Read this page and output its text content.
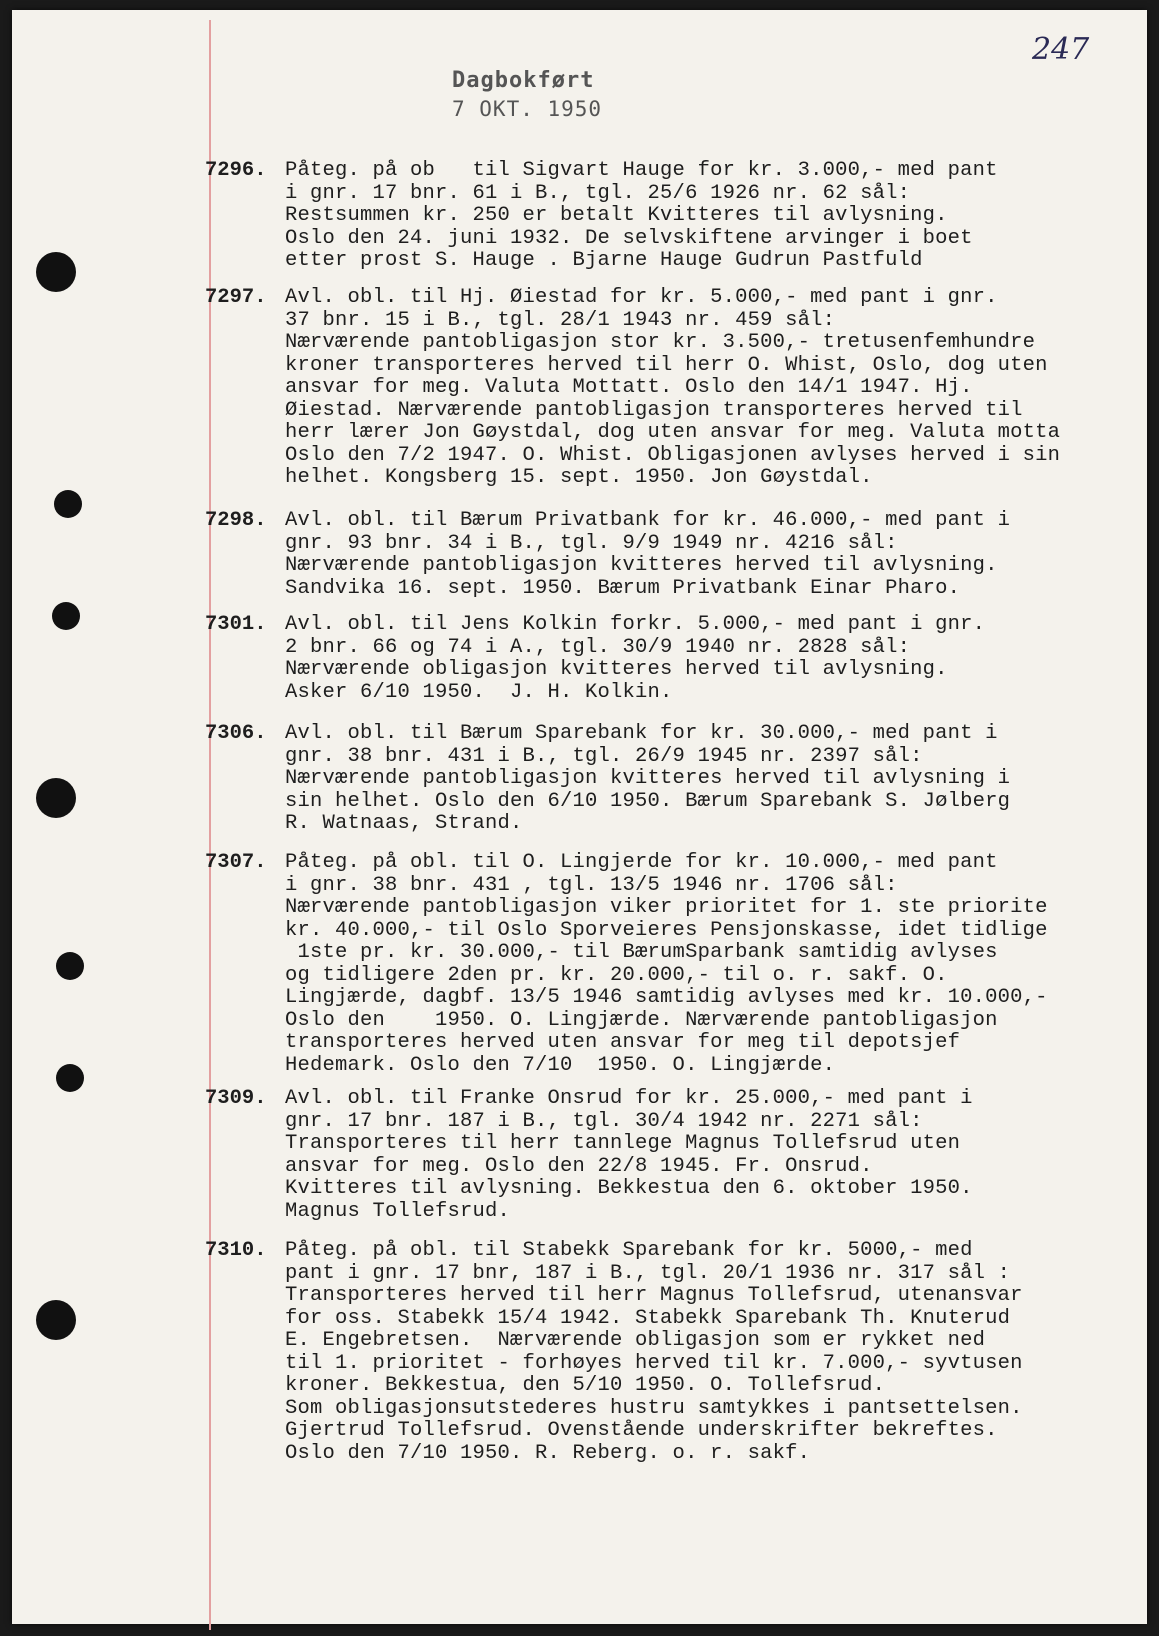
247
Dagbokført
7 OKT. 1950
7296. Påteg. på ob   til Sigvart Hauge for kr. 3.000,- med pant
i gnr. 17 bnr. 61 i B., tgl. 25/6 1926 nr. 62 sål:
Restsummen kr. 250 er betalt Kvitteres til avlysning.
Oslo den 24. juni 1932. De selvskiftene arvinger i boet
etter prost S. Hauge . Bjarne Hauge Gudrun Pastfuld
7297. Avl. obl. til Hj. Øiestad for kr. 5.000,- med pant i gnr.
37 bnr. 15 i B., tgl. 28/1 1943 nr. 459 sål:
Nærværende pantobligasjon stor kr. 3.500,- tretusenfemhundre
kroner transporteres herved til herr O. Whist, Oslo, dog uten
ansvar for meg. Valuta Mottatt. Oslo den 14/1 1947. Hj.
Øiestad. Nærværende pantobligasjon transporteres herved til
herr lærer Jon Gøystdal, dog uten ansvar for meg. Valuta motta
Oslo den 7/2 1947. O. Whist. Obligasjonen avlyses herved i sin
helhet. Kongsberg 15. sept. 1950. Jon Gøystdal.
7298. Avl. obl. til Bærum Privatbank for kr. 46.000,- med pant i
gnr. 93 bnr. 34 i B., tgl. 9/9 1949 nr. 4216 sål:
Nærværende pantobligasjon kvitteres herved til avlysning.
Sandvika 16. sept. 1950. Bærum Privatbank Einar Pharo.
7301. Avl. obl. til Jens Kolkin forkr. 5.000,- med pant i gnr.
2 bnr. 66 og 74 i A., tgl. 30/9 1940 nr. 2828 sål:
Nærværende obligasjon kvitteres herved til avlysning.
Asker 6/10 1950.  J. H. Kolkin.
7306. Avl. obl. til Bærum Sparebank for kr. 30.000,- med pant i
gnr. 38 bnr. 431 i B., tgl. 26/9 1945 nr. 2397 sål:
Nærværende pantobligasjon kvitteres herved til avlysning i
sin helhet. Oslo den 6/10 1950. Bærum Sparebank S. Jølberg
R. Watnaas, Strand.
7307. Påteg. på obl. til O. Lingjerde for kr. 10.000,- med pant
i gnr. 38 bnr. 431 , tgl. 13/5 1946 nr. 1706 sål:
Nærværende pantobligasjon viker prioritet for 1. ste priorite
kr. 40.000,- til Oslo Sporveieres Pensjonskasse, idet tidlige
1ste pr. kr. 30.000,- til BærumSparbank samtidig avlyses
og tidligere 2den pr. kr. 20.000,- til o. r. sakf. O.
Lingjærde, dagbf. 13/5 1946 samtidig avlyses med kr. 10.000,-
Oslo den    1950. O. Lingjærde. Nærværende pantobligasjon
transporteres herved uten ansvar for meg til depotsjef
Hedemark. Oslo den 7/10  1950. O. Lingjærde.
7309. Avl. obl. til Franke Onsrud for kr. 25.000,- med pant i
gnr. 17 bnr. 187 i B., tgl. 30/4 1942 nr. 2271 sål:
Transporteres til herr tannlege Magnus Tollefsrud uten
ansvar for meg. Oslo den 22/8 1945. Fr. Onsrud.
Kvitteres til avlysning. Bekkestua den 6. oktober 1950.
Magnus Tollefsrud.
7310. Påteg. på obl. til Stabekk Sparebank for kr. 5000,- med
pant i gnr. 17 bnr, 187 i B., tgl. 20/1 1936 nr. 317 sål :
Transporteres herved til herr Magnus Tollefsrud, utenansvar
for oss. Stabekk 15/4 1942. Stabekk Sparebank Th. Knuterud
E. Engebretsen.  Nærværende obligasjon som er rykket ned
til 1. prioritet - forhøyes herved til kr. 7.000,- syvtusen
kroner. Bekkestua, den 5/10 1950. O. Tollefsrud.
Som obligasjonsutstederes hustru samtykkes i pantsettelsen.
Gjertrud Tollefsrud. Ovenstående underskrifter bekreftes.
Oslo den 7/10 1950. R. Reberg. o. r. sakf.
